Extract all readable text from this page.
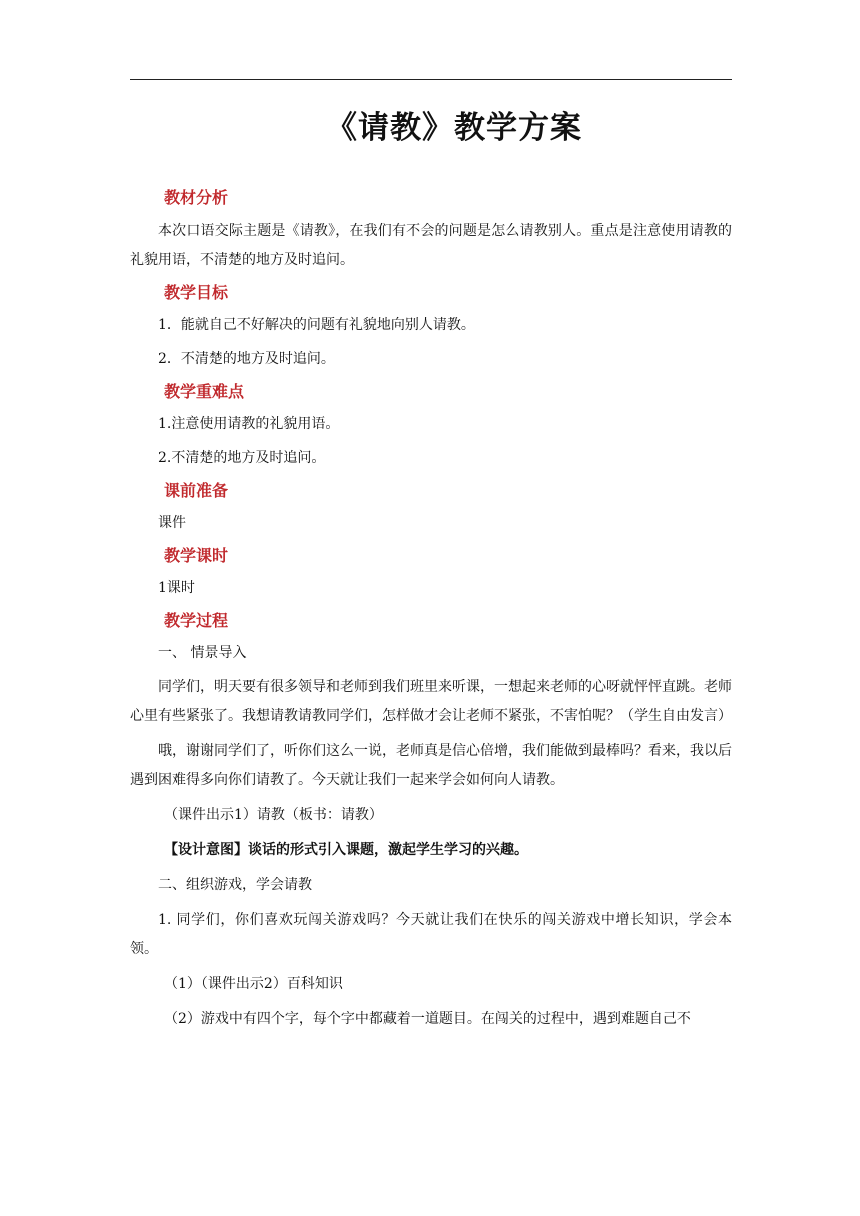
《请教》教学方案
教材分析
本次口语交际主题是《请教》，在我们有不会的问题是怎么请教别人。重点是注意使用请教的礼貌用语，不清楚的地方及时追问。
教学目标
1．能就自己不好解决的问题有礼貌地向别人请教。
2．不清楚的地方及时追问。
教学重难点
1.注意使用请教的礼貌用语。
2.不清楚的地方及时追问。
课前准备
课件
教学课时
1课时
教学过程
一、 情景导入
同学们，明天要有很多领导和老师到我们班里来听课，一想起来老师的心呀就怦怦直跳。老师心里有些紧张了。我想请教请教同学们，怎样做才会让老师不紧张，不害怕呢？（学生自由发言）
哦，谢谢同学们了，听你们这么一说，老师真是信心倍增，我们能做到最棒吗？看来，我以后遇到困难得多向你们请教了。今天就让我们一起来学会如何向人请教。
（课件出示1）请教（板书：请教）
【设计意图】谈话的形式引入课题，激起学生学习的兴趣。
二、组织游戏，学会请教
1. 同学们，你们喜欢玩闯关游戏吗？今天就让我们在快乐的闯关游戏中增长知识，学会本领。
（1）（课件出示2）百科知识
（2）游戏中有四个字，每个字中都藏着一道题目。在闯关的过程中，遇到难题自己不
